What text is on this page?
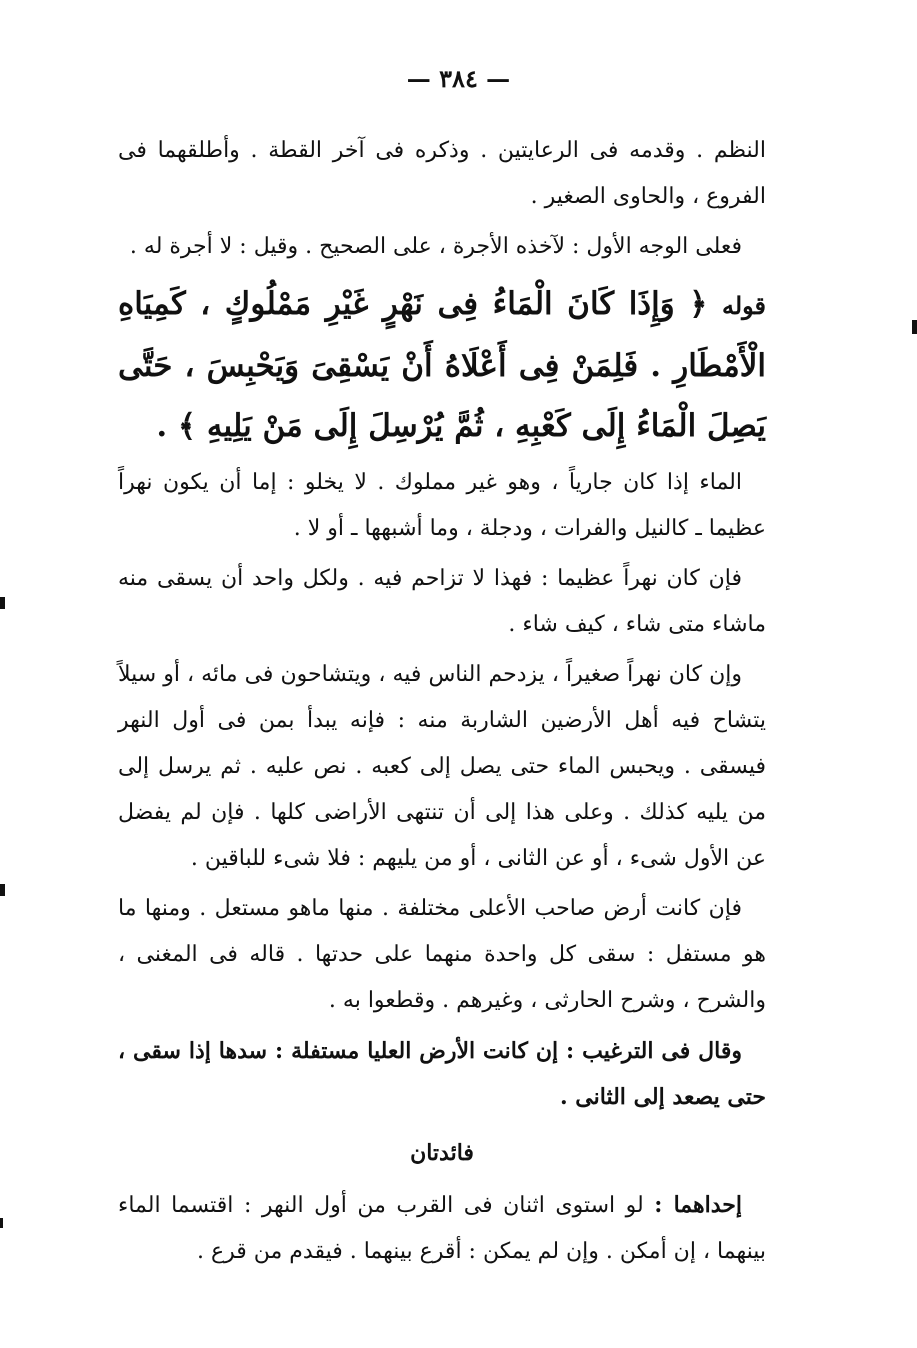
— ٣٨٤ —

النظم . وقدمه فى الرعايتين . وذكره فى آخر القطة . وأطلقهما فى الفروع ، والحاوى الصغير .

فعلى الوجه الأول : لآخذه الأجرة ، على الصحيح . وقيل : لا أجرة له .

قوله ﴿ وَإِذَا كَانَ الْمَاءُ فِى نَهْرٍ غَيْرِ مَمْلُوكٍ ، كَمِيَاهِ الْأَمْطَارِ . فَلِمَنْ فِى أَعْلَاهُ أَنْ يَسْقِىَ وَيَحْبِسَ ، حَتَّى يَصِلَ الْمَاءُ إِلَى كَعْبِهِ ، ثُمَّ يُرْسِلَ إِلَى مَنْ يَلِيهِ ﴾ .

الماء إذا كان جارياً ، وهو غير مملوك . لا يخلو : إما أن يكون نهراً عظيما ـ كالنيل والفرات ، ودجلة ، وما أشبهها ـ أو لا .

فإن كان نهراً عظيما : فهذا لا تزاحم فيه . ولكل واحد أن يسقى منه ماشاء متى شاء ، كيف شاء .

وإن كان نهراً صغيراً ، يزدحم الناس فيه ، ويتشاحون فى مائه ، أو سيلاً يتشاح فيه أهل الأرضين الشاربة منه : فإنه يبدأ بمن فى أول النهر فيسقى . ويحبس الماء حتى يصل إلى كعبه . نص عليه . ثم يرسل إلى من يليه كذلك . وعلى هذا إلى أن تنتهى الأراضى كلها . فإن لم يفضل عن الأول شىء ، أو عن الثانى ، أو من يليهم : فلا شىء للباقين .

فإن كانت أرض صاحب الأعلى مختلفة . منها ماهو مستعل . ومنها ما هو مستفل : سقى كل واحدة منهما على حدتها . قاله فى المغنى ، والشرح ، وشرح الحارثى ، وغيرهم . وقطعوا به .

وقال فى الترغيب : إن كانت الأرض العليا مستفلة : سدها إذا سقى ، حتى يصعد إلى الثانى .

فائدتان

إحداهما : لو استوى اثنان فى القرب من أول النهر : اقتسما الماء بينهما ، إن أمكن . وإن لم يمكن : أقرع بينهما . فيقدم من قرع .
